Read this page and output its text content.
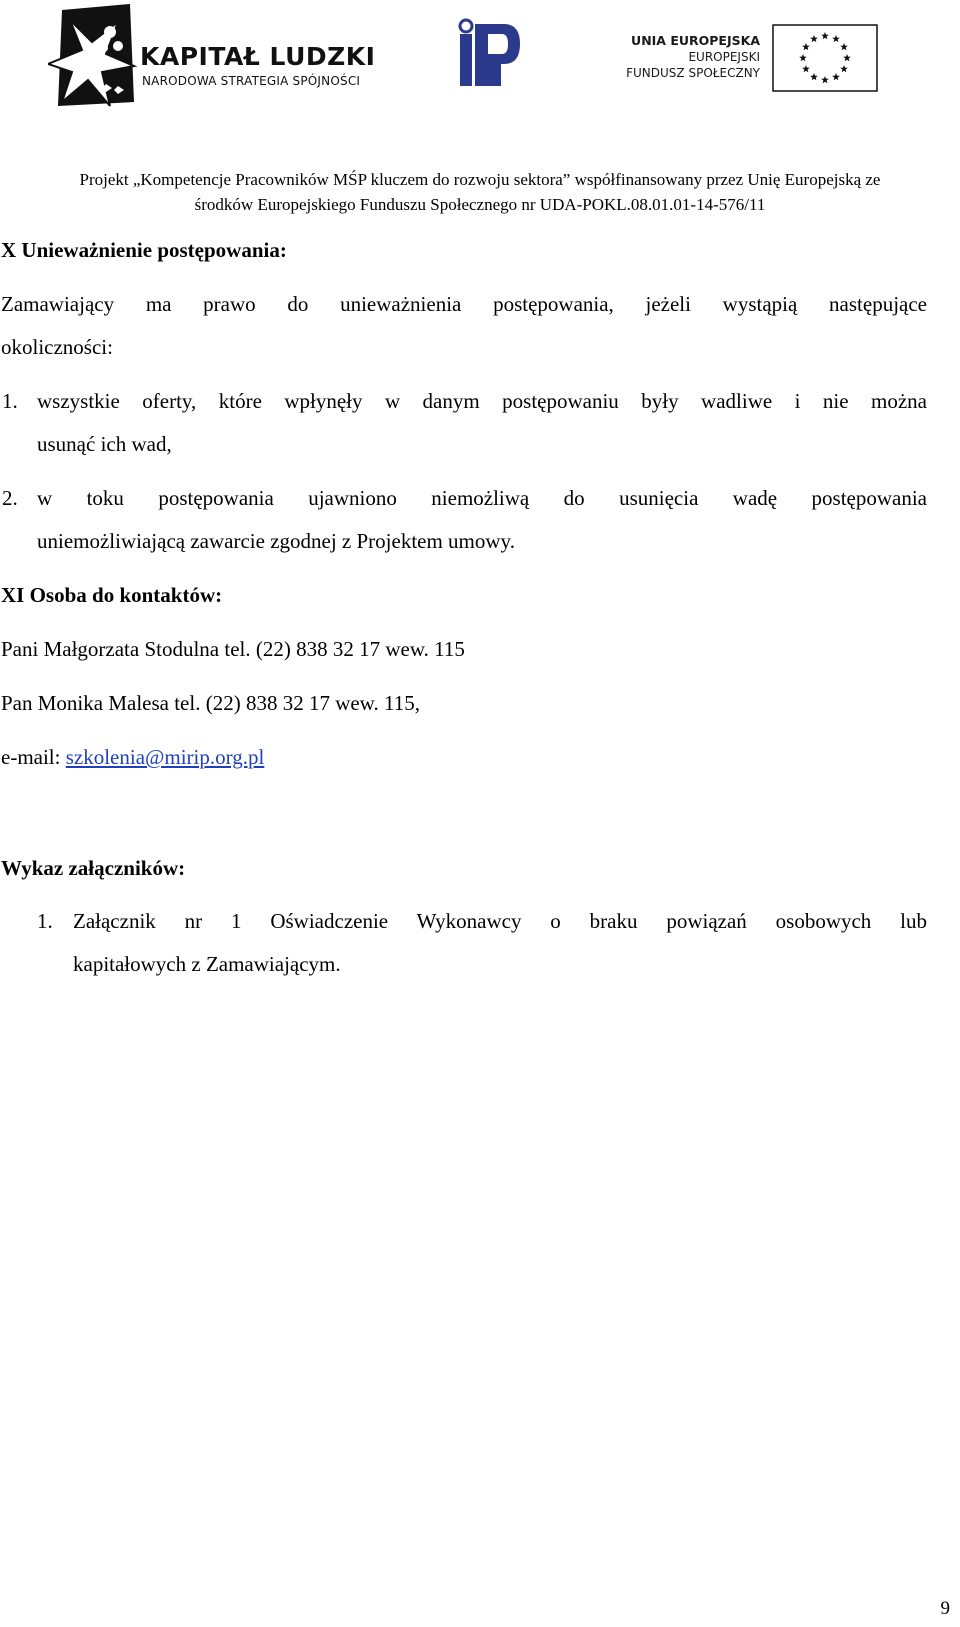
KAPITAŁ LUDZKI
NARODOWA STRATEGIA SPÓJNOŚCI
UNIA EUROPEJSKA
EUROPEJSKI
FUNDUSZ SPOŁECZNY
Projekt „Kompetencje Pracowników MŚP kluczem do rozwoju sektora” współfinansowany przez Unię Europejską ze
środków Europejskiego Funduszu Społecznego nr UDA-POKL.08.01.01-14-576/11
X Unieważnienie postępowania:
Zamawiający ma prawo do unieważnienia postępowania, jeżeli wystąpią następujące
okoliczności:
1. wszystkie oferty, które wpłynęły w danym postępowaniu były wadliwe i nie można
usunąć ich wad,
2. w toku postępowania ujawniono niemożliwą do usunięcia wadę postępowania
uniemożliwiającą zawarcie zgodnej z Projektem umowy.
XI Osoba do kontaktów:
Pani Małgorzata Stodulna tel. (22) 838 32 17 wew. 115
Pan Monika Malesa tel. (22) 838 32 17 wew. 115,
e-mail: szkolenia@mirip.org.pl
Wykaz załączników:
1. Załącznik nr 1 Oświadczenie Wykonawcy o braku powiązań osobowych lub
kapitałowych z Zamawiającym.
9
